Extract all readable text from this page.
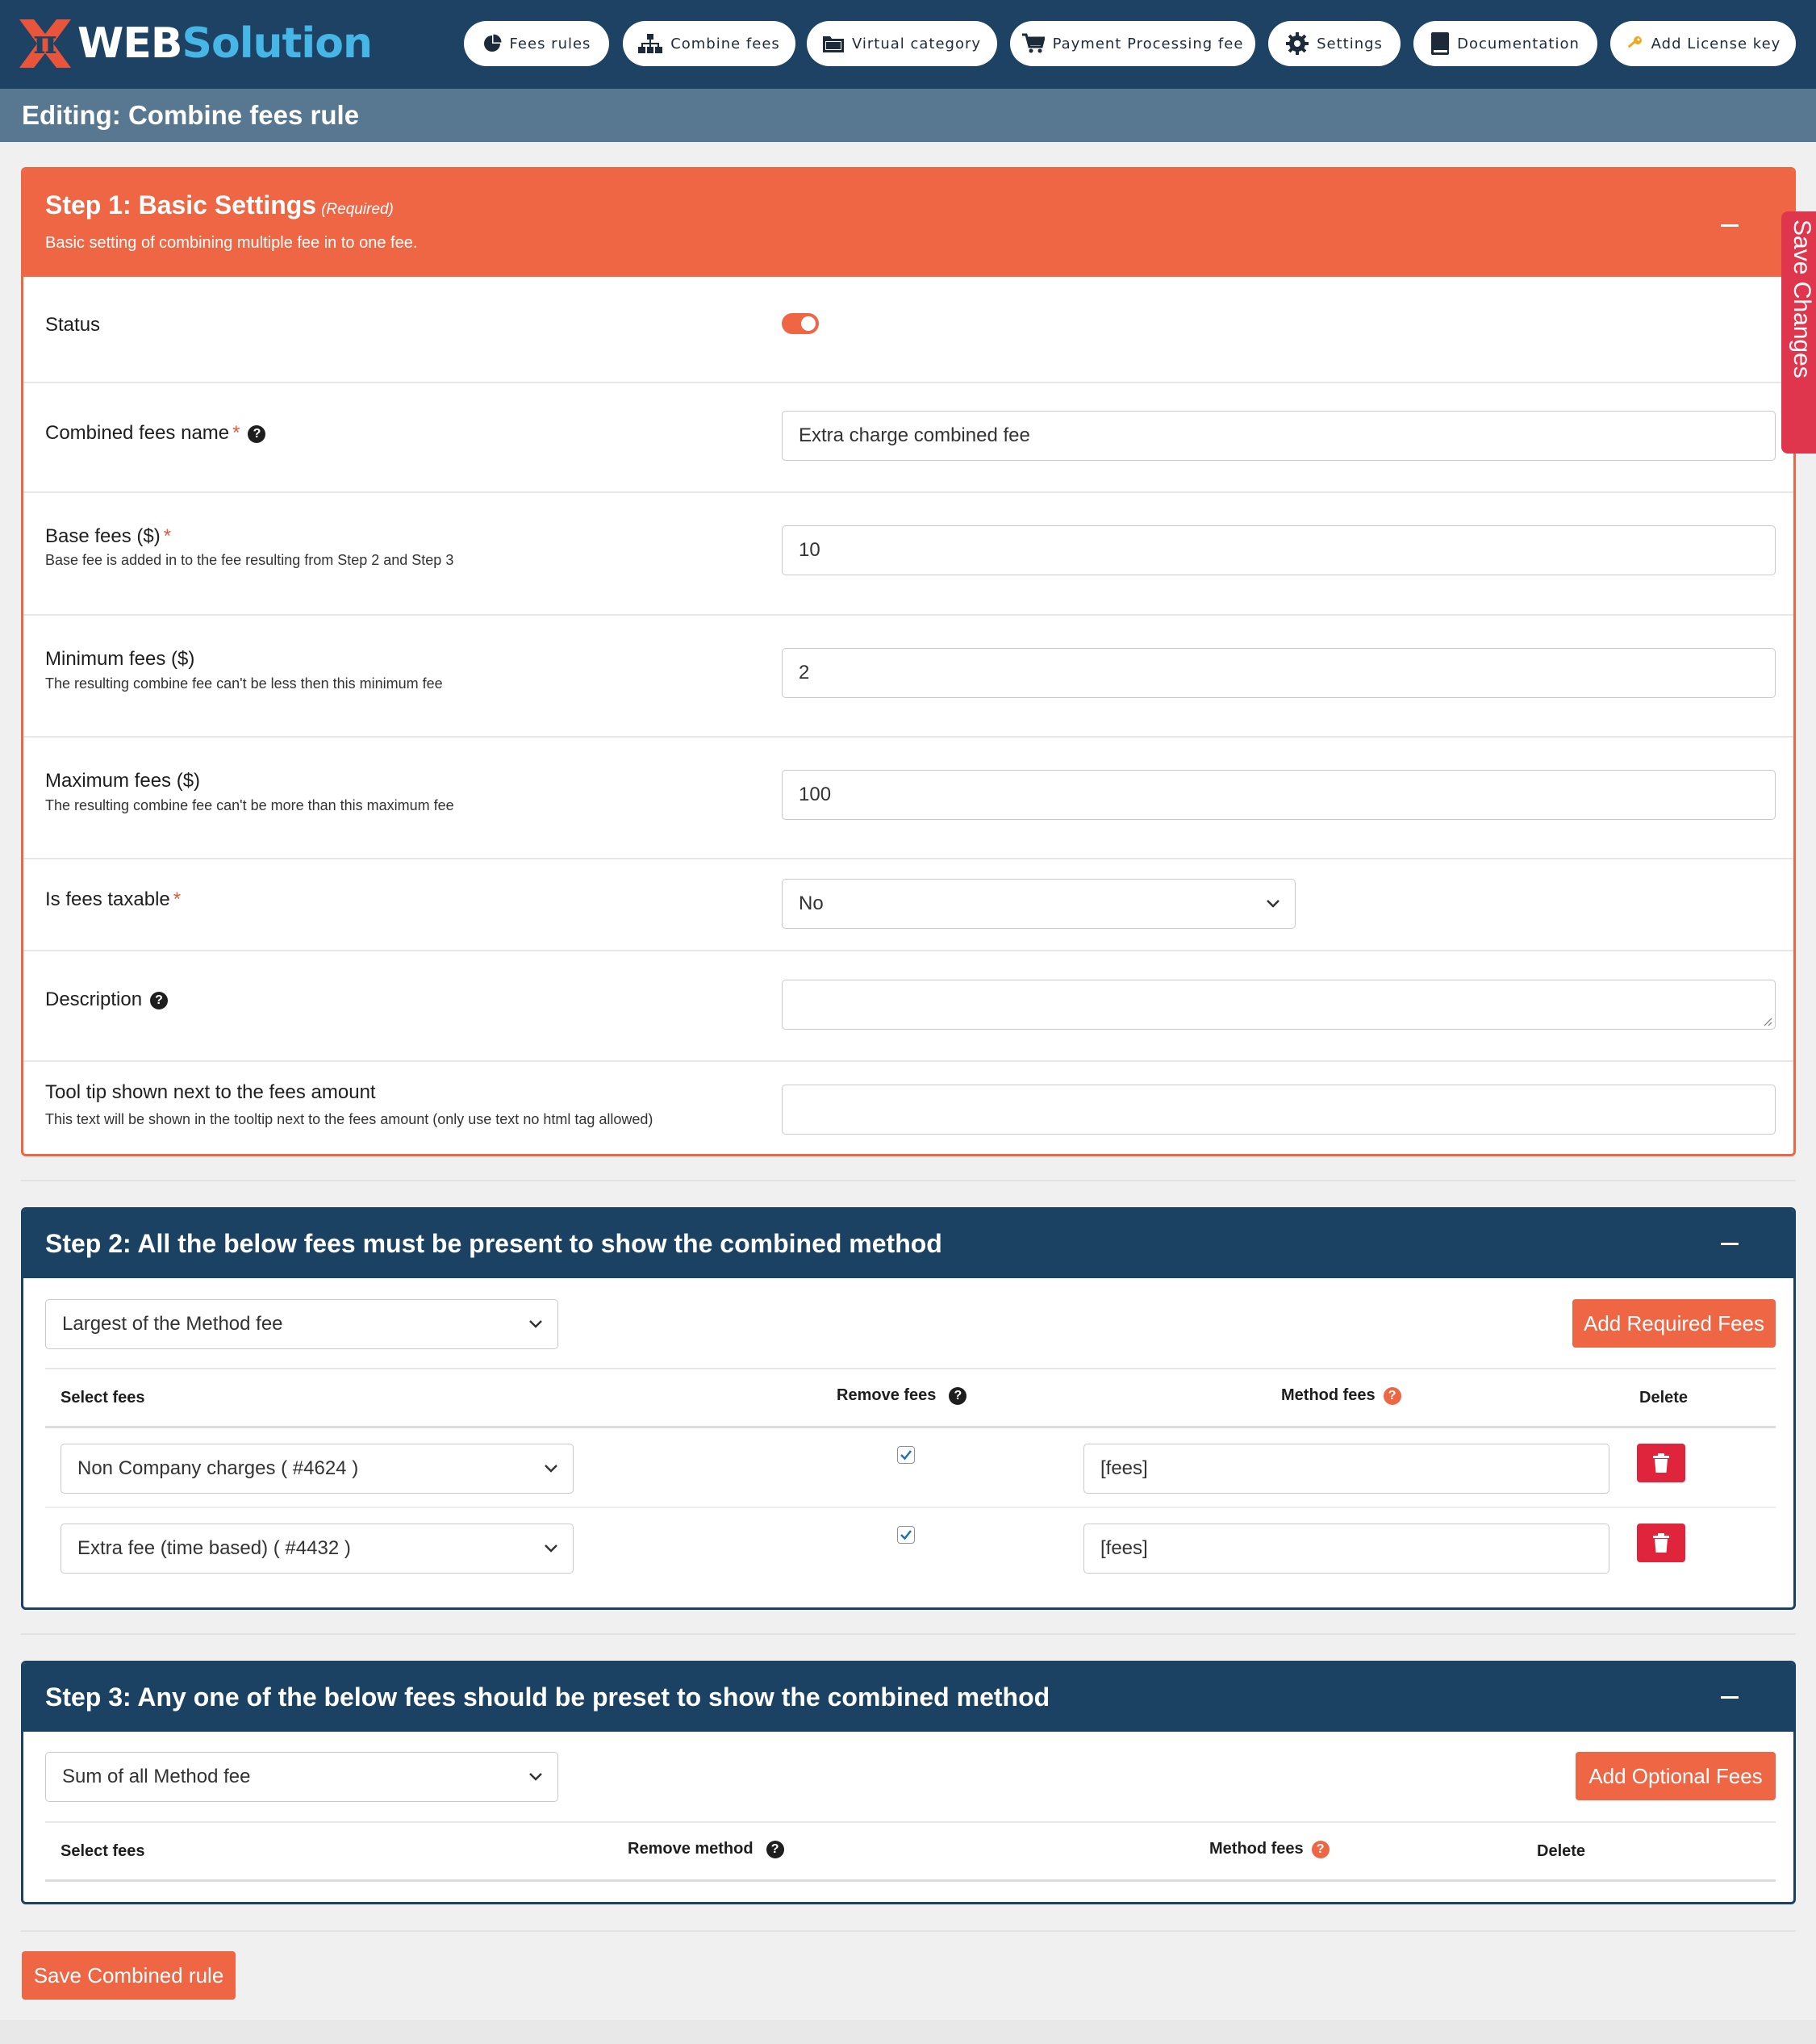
π WEBSolution	Fees rules	Combine fees	Virtual category	Payment Processing fee	Settings	Documentation	Add License key
Editing: Combine fees rule
Step 1: Basic Settings (Required)
Basic setting of combining multiple fee in to one fee.
Status
Combined fees name * ?	Extra charge combined fee
Base fees ($) *
Base fee is added in to the fee resulting from Step 2 and Step 3	10
Minimum fees ($)
The resulting combine fee can't be less then this minimum fee	2
Maximum fees ($)
The resulting combine fee can't be more than this maximum fee	100
Is fees taxable *	No
Description ?
Tool tip shown next to the fees amount
This text will be shown in the tooltip next to the fees amount (only use text no html tag allowed)
Save Changes
Step 2: All the below fees must be present to show the combined method
Largest of the Method fee	Add Required Fees
Select fees	Remove fees ?	Method fees ?	Delete
Non Company charges ( #4624 )	[fees]
Extra fee (time based) ( #4432 )	[fees]
Step 3: Any one of the below fees should be preset to show the combined method
Sum of all Method fee	Add Optional Fees
Select fees	Remove method ?	Method fees ?	Delete
Save Combined rule
